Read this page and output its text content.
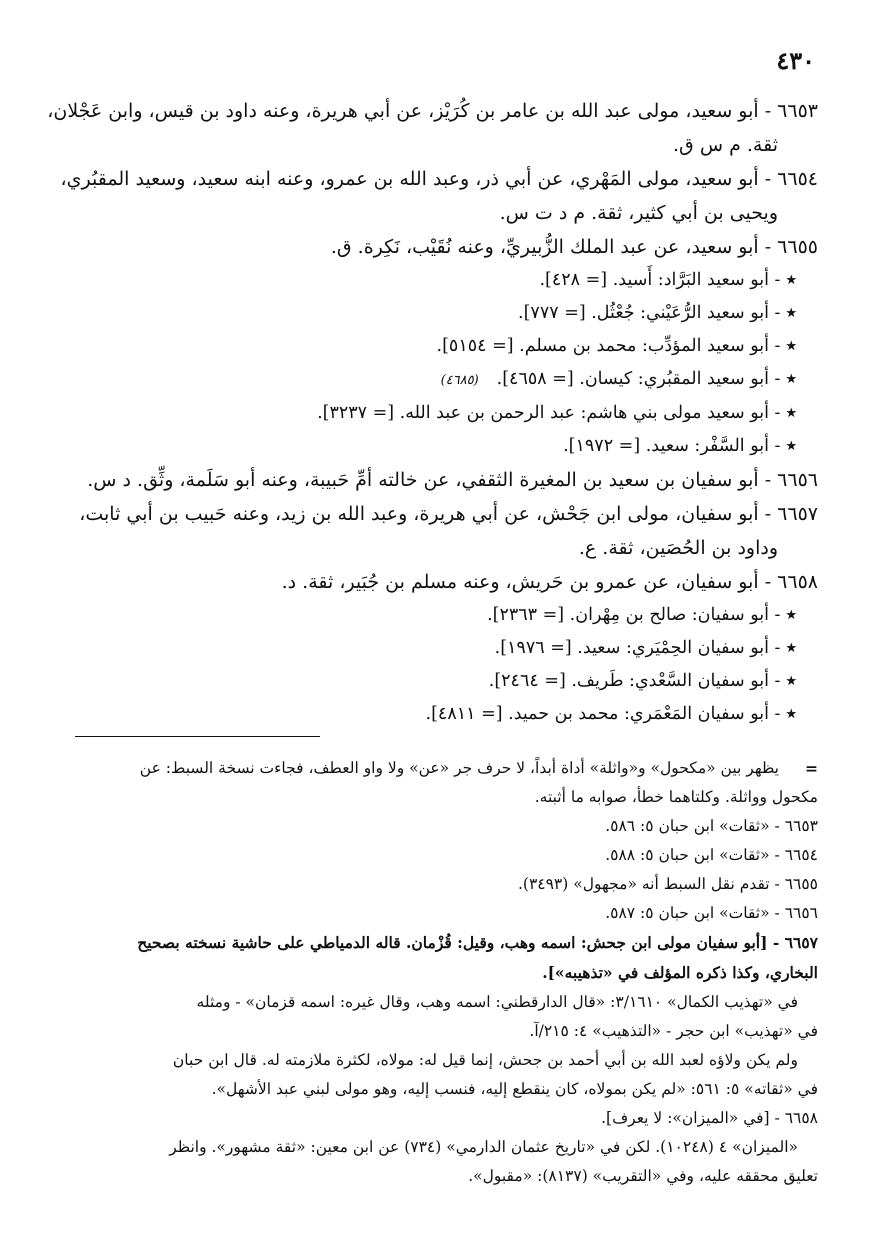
٤٣٠

٦٦٥٣ - أبو سعيد، مولى عبد الله بن عامر بن كُرَيْز، عن أبي هريرة، وعنه داود بن قيس، وابن عَجْلان،
ثقة. م س ق.

٦٦٥٤ - أبو سعيد، مولى المَهْري، عن أبي ذر، وعبد الله بن عمرو، وعنه ابنه سعيد، وسعيد المقبُري،
ويحيى بن أبي كثير، ثقة. م د ت س.

٦٦٥٥ - أبو سعيد، عن عبد الملك الزُّبيريِّ، وعنه نُقَيْب، نَكِرة. ق.

٭- أبو سعيد البَرَّاد: أَسيد. [= ٤٢٨].

٭- أبو سعيد الرُّعَيْني: جُعْثُل. [= ٧٧٧].

٭- أبو سعيد المؤدِّب: محمد بن مسلم. [= ٥١٥٤].

٭- أبو سعيد المقبُري: كيسان. [= ٤٦٥٨].(٤٦٨٥)

٭- أبو سعيد مولى بني هاشم: عبد الرحمن بن عبد الله. [= ٣٢٣٧].

٭- أبو السَّفْر: سعيد. [= ١٩٧٢].

٦٦٥٦ - أبو سفيان بن سعيد بن المغيرة الثقفي، عن خالته أمِّ حَبيبة، وعنه أبو سَلَمة، وثِّق. د س.

٦٦٥٧ - أبو سفيان، مولى ابن جَحْش، عن أبي هريرة، وعبد الله بن زيد، وعنه حَبيب بن أبي ثابت،
وداود بن الحُصَين، ثقة. ع.

٦٦٥٨ - أبو سفيان، عن عمرو بن حَريش، وعنه مسلم بن جُبَير، ثقة. د.

٭- أبو سفيان: صالح بن مِهْران. [= ٢٣٦٣].

٭- أبو سفيان الحِمْيَري: سعيد. [= ١٩٧٦].

٭- أبو سفيان السَّعْدي: طَريف. [= ٢٤٦٤].

٭- أبو سفيان المَعْمَري: محمد بن حميد. [= ٤٨١١].

=
يظهر بين «مكحول» و«واثلة» أداة أبداً، لا حرف جر «عن» ولا واو العطف، فجاءت نسخة السبط: عن

مكحول وواثلة. وكلتاهما خطأ، صوابه ما أثبته.

٦٦٥٣ - «ثقات» ابن حبان ٥: ٥٨٦.

٦٦٥٤ - «ثقات» ابن حبان ٥: ٥٨٨.

٦٦٥٥ - تقدم نقل السبط أنه «مجهول» (٣٤٩٣).

٦٦٥٦ - «ثقات» ابن حبان ٥: ٥٨٧.

٦٦٥٧ - [أبو سفيان مولى ابن جحش: اسمه وهب، وقيل: قُزْمان. قاله الدمياطي على حاشية نسخته بصحيح

البخاري، وكذا ذكره المؤلف في «تذهيبه»].

في «تهذيب الكمال» ٣/١٦١٠: «قال الدارقطني: اسمه وهب، وقال غيره: اسمه قزمان» - ومثله

في «تهذيب» ابن حجر - «التذهيب» ٤: ٢١٥/آ.

ولم يكن ولاؤه لعبد الله بن أبي أحمد بن جحش، إنما قيل له: مولاه، لكثرة ملازمته له. قال ابن حبان

في «ثقاته» ٥: ٥٦١: «لم يكن بمولاه، كان ينقطع إليه، فنسب إليه، وهو مولى لبني عبد الأشهل».

٦٦٥٨ - [في «الميزان»: لا يعرف].

«الميزان» ٤ (١٠٢٤٨). لكن في «تاريخ عثمان الدارمي» (٧٣٤) عن ابن معين: «ثقة مشهور». وانظر

تعليق محققه عليه، وفي «التقريب» (٨١٣٧): «مقبول».
